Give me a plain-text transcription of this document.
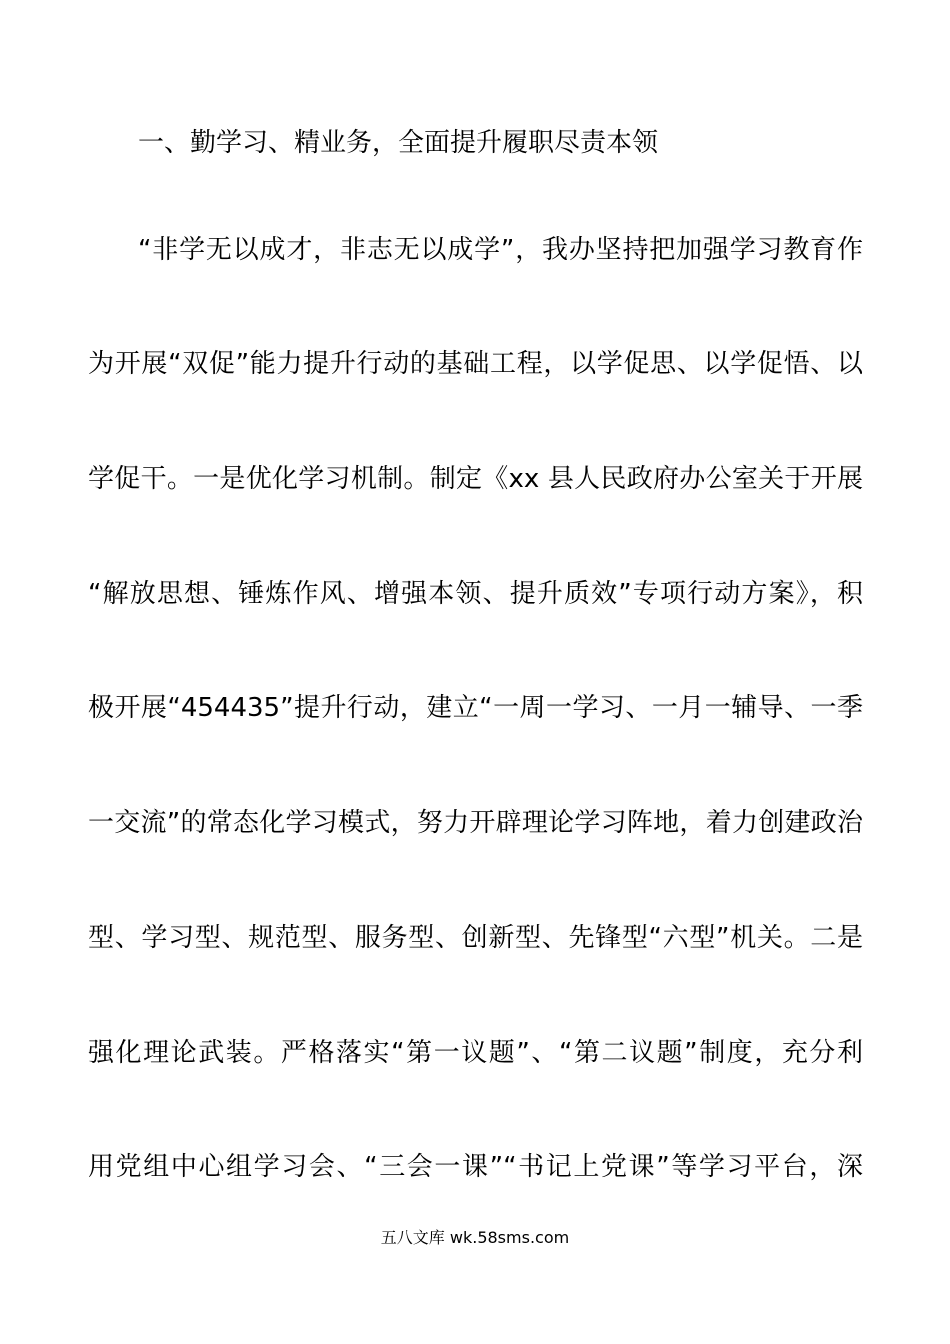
一、勤学习、精业务，全面提升履职尽责本领
“非学无以成才，非志无以成学”，我办坚持把加强学习教育作
为开展“双促”能力提升行动的基础工程，以学促思、以学促悟、以
学促干。一是优化学习机制。制定《xx 县人民政府办公室关于开展
“解放思想、锤炼作风、增强本领、提升质效”专项行动方案》，积
极开展“454435”提升行动，建立“一周一学习、一月一辅导、一季
一交流”的常态化学习模式，努力开辟理论学习阵地，着力创建政治
型、学习型、规范型、服务型、创新型、先锋型“六型”机关。二是
强化理论武装。严格落实“第一议题”、“第二议题”制度，充分利
用党组中心组学习会、“三会一课”“书记上党课”等学习平台，深
五八文库 wk.58sms.com
